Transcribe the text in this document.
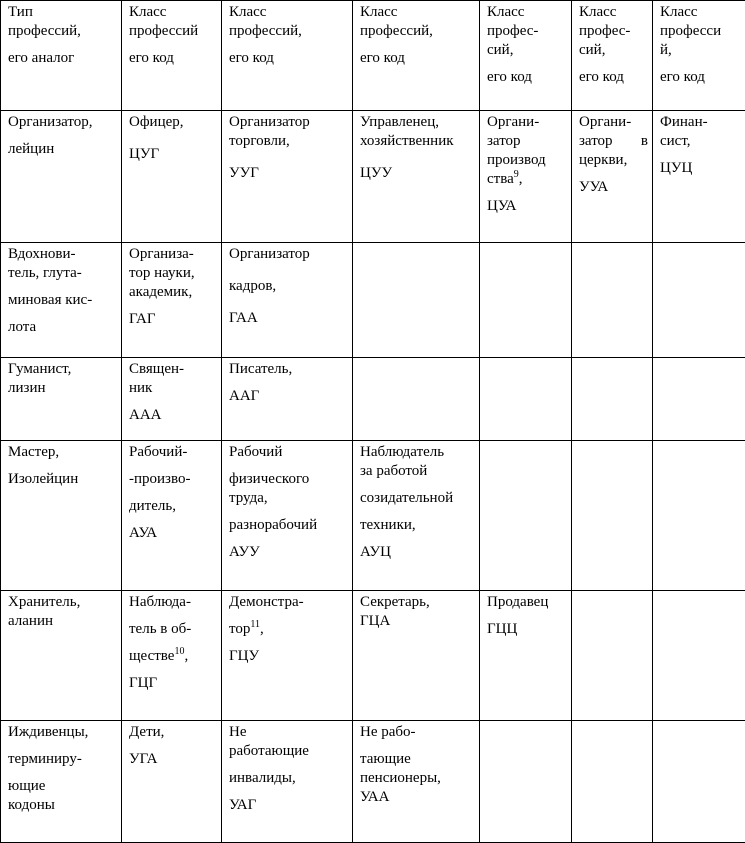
Тип
профессий,
его аналог	Класс
профессий
его код	Класс
профессий,
его код	Класс
профессий,
его код	Класс
профес-
сий,
его код	Класс
профес-
сий,
его код	Класс
професси
й,
его код

Организатор,
лейцин	Офицер,
ЦУГ	Организатор
торговли,
УУГ	Управленец,
хозяйственник
ЦУУ	Органи-
затор
производ
ства$^9$,
ЦУА	Органи-
затор в
церкви,
УУА	Финан-
сист,
ЦУЦ

Вдохнови-
тель, глута-
миновая кис-
лота	Организа-
тор науки,
академик,
ГАГ	Организатор
кадров,
ГАА				

Гуманист,
лизин	Священ-
ник
ААА	Писатель,
ААГ				

Мастер,
Изолейцин	Рабочий-
-произво-
дитель,
АУА	Рабочий
физического
труда,
разнорабочий
АУУ	Наблюдатель
за работой
созидательной
техники,
АУЦ			

Хранитель,
аланин	Наблюда-
тель в об-
ществе$^{10}$,
ГЦГ	Демонстра-
тор$^{11}$,
ГЦУ	Секретарь,
ГЦА	Продавец
ГЦЦ		

Иждивенцы,
терминиру-
ющие
кодоны	Дети,
УГА	Не
работающие
инвалиды,
УАГ	Не рабо-
тающие
пенсионеры,
УАА			
